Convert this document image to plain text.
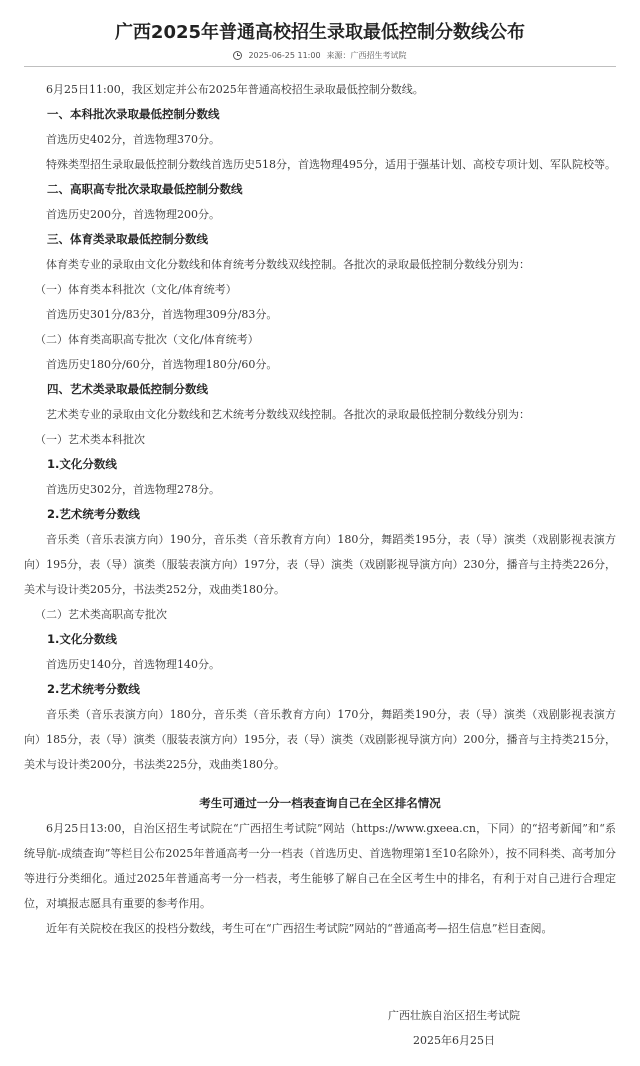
广西2025年普通高校招生录取最低控制分数线公布
2025-06-25 11:00 来源：广西招生考试院

6月25日11:00，我区划定并公布2025年普通高校招生录取最低控制分数线。

一、本科批次录取最低控制分数线

首选历史402分，首选物理370分。

特殊类型招生录取最低控制分数线首选历史518分，首选物理495分，适用于强基计划、高校专项计划、军队院校等。

二、高职高专批次录取最低控制分数线

首选历史200分，首选物理200分。

三、体育类录取最低控制分数线

体育类专业的录取由文化分数线和体育统考分数线双线控制。各批次的录取最低控制分数线分别为：

（一）体育类本科批次（文化/体育统考）

首选历史301分/83分，首选物理309分/83分。

（二）体育类高职高专批次（文化/体育统考）

首选历史180分/60分，首选物理180分/60分。

四、艺术类录取最低控制分数线

艺术类专业的录取由文化分数线和艺术统考分数线双线控制。各批次的录取最低控制分数线分别为：

（一）艺术类本科批次

1.文化分数线

首选历史302分，首选物理278分。

2.艺术统考分数线

音乐类（音乐表演方向）190分，音乐类（音乐教育方向）180分，舞蹈类195分，表（导）演类（戏剧影视表演方向）195分，表（导）演类（服装表演方向）197分，表（导）演类（戏剧影视导演方向）230分，播音与主持类226分，美术与设计类205分，书法类252分，戏曲类180分。

（二）艺术类高职高专批次

1.文化分数线

首选历史140分，首选物理140分。

2.艺术统考分数线

音乐类（音乐表演方向）180分，音乐类（音乐教育方向）170分，舞蹈类190分，表（导）演类（戏剧影视表演方向）185分，表（导）演类（服装表演方向）195分，表（导）演类（戏剧影视导演方向）200分，播音与主持类215分，美术与设计类200分，书法类225分，戏曲类180分。

考生可通过一分一档表查询自己在全区排名情况

6月25日13:00，自治区招生考试院在“广西招生考试院”网站（https://www.gxeea.cn，下同）的“招考新闻”和“系统导航-成绩查询”等栏目公布2025年普通高考一分一档表（首选历史、首选物理第1至10名除外），按不同科类、高考加分等进行分类细化。通过2025年普通高考一分一档表，考生能够了解自己在全区考生中的排名，有利于对自己进行合理定位，对填报志愿具有重要的参考作用。

近年有关院校在我区的投档分数线，考生可在“广西招生考试院”网站的“普通高考—招生信息”栏目查阅。

广西壮族自治区招生考试院
2025年6月25日
